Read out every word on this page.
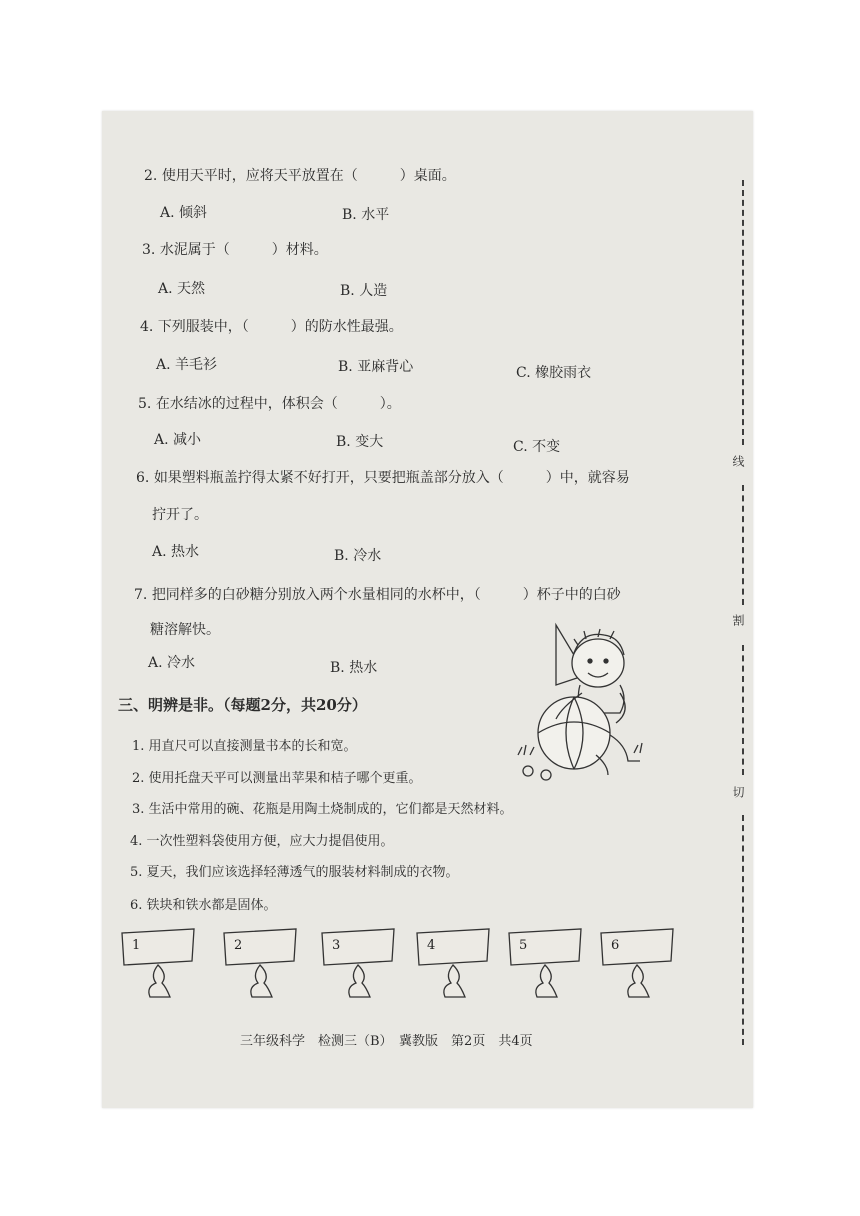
2. 使用天平时，应将天平放置在（　　　）桌面。
A. 倾斜	B. 水平
3. 水泥属于（　　　）材料。
A. 天然	B. 人造
4. 下列服装中，（　　　）的防水性最强。
A. 羊毛衫	B. 亚麻背心	C. 橡胶雨衣
5. 在水结冰的过程中，体积会（　　　）。
A. 减小	B. 变大	C. 不变
6. 如果塑料瓶盖拧得太紧不好打开，只要把瓶盖部分放入（　　　）中，就容易
拧开了。
A. 热水	B. 冷水
7. 把同样多的白砂糖分别放入两个水量相同的水杯中，（　　　）杯子中的白砂
糖溶解快。
A. 冷水	B. 热水
三、明辨是非。（每题2分，共20分）
1. 用直尺可以直接测量书本的长和宽。
2. 使用托盘天平可以测量出苹果和桔子哪个更重。
3. 生活中常用的碗、花瓶是用陶土烧制成的，它们都是天然材料。
4. 一次性塑料袋使用方便，应大力提倡使用。
5. 夏天，我们应该选择轻薄透气的服装材料制成的衣物。
6. 铁块和铁水都是固体。
1	2	3	4	5	6
线
割
切
三年级科学　检测三（B）　冀教版　第2页　共4页
